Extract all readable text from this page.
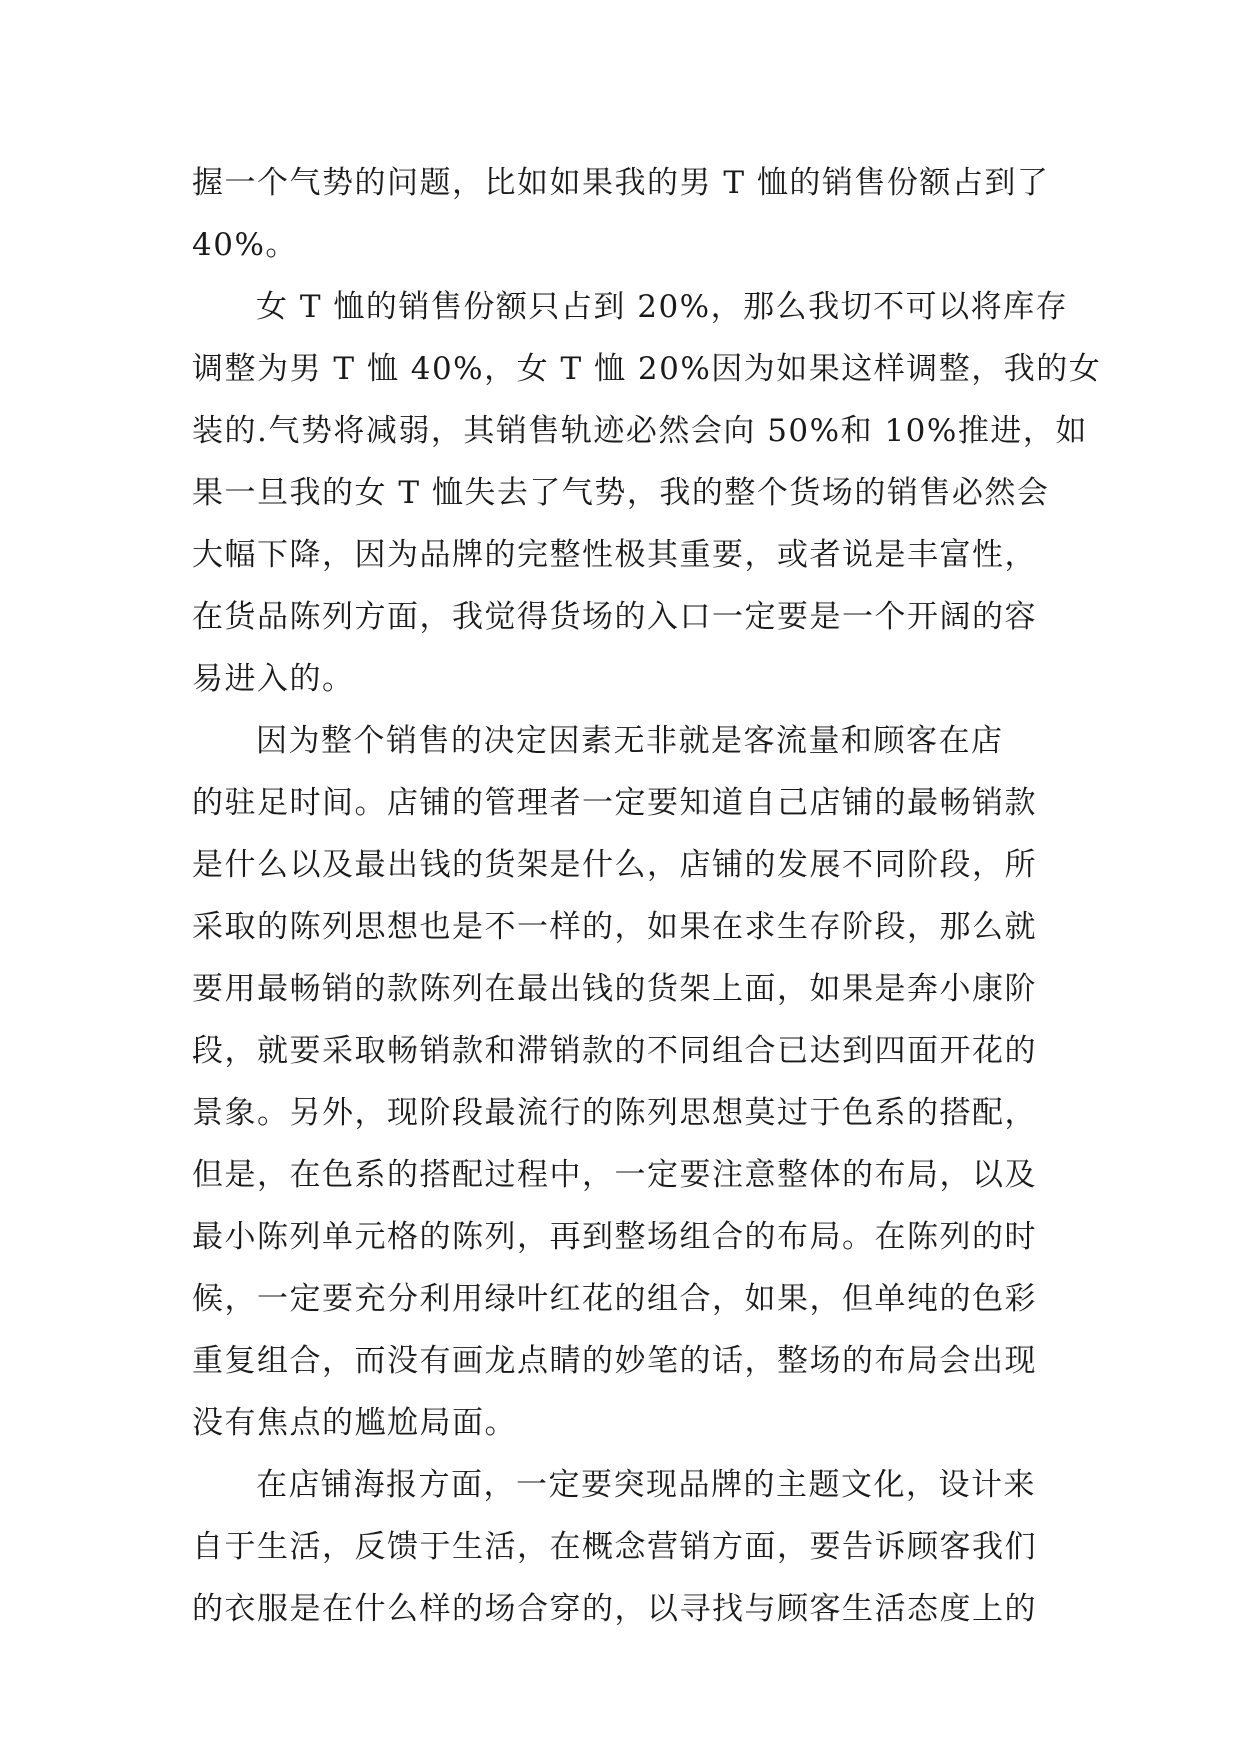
握一个气势的问题，比如如果我的男 T 恤的销售份额占到了
40%。
女 T 恤的销售份额只占到 20%，那么我切不可以将库存
调整为男 T 恤 40%，女 T 恤 20%因为如果这样调整，我的女
装的.气势将减弱，其销售轨迹必然会向 50%和 10%推进，如
果一旦我的女 T 恤失去了气势，我的整个货场的销售必然会
大幅下降，因为品牌的完整性极其重要，或者说是丰富性，
在货品陈列方面，我觉得货场的入口一定要是一个开阔的容
易进入的。
因为整个销售的决定因素无非就是客流量和顾客在店
的驻足时间。店铺的管理者一定要知道自己店铺的最畅销款
是什么以及最出钱的货架是什么，店铺的发展不同阶段，所
采取的陈列思想也是不一样的，如果在求生存阶段，那么就
要用最畅销的款陈列在最出钱的货架上面，如果是奔小康阶
段，就要采取畅销款和滞销款的不同组合已达到四面开花的
景象。另外，现阶段最流行的陈列思想莫过于色系的搭配，
但是，在色系的搭配过程中，一定要注意整体的布局，以及
最小陈列单元格的陈列，再到整场组合的布局。在陈列的时
候，一定要充分利用绿叶红花的组合，如果，但单纯的色彩
重复组合，而没有画龙点睛的妙笔的话，整场的布局会出现
没有焦点的尴尬局面。
在店铺海报方面，一定要突现品牌的主题文化，设计来
自于生活，反馈于生活，在概念营销方面，要告诉顾客我们
的衣服是在什么样的场合穿的，以寻找与顾客生活态度上的
